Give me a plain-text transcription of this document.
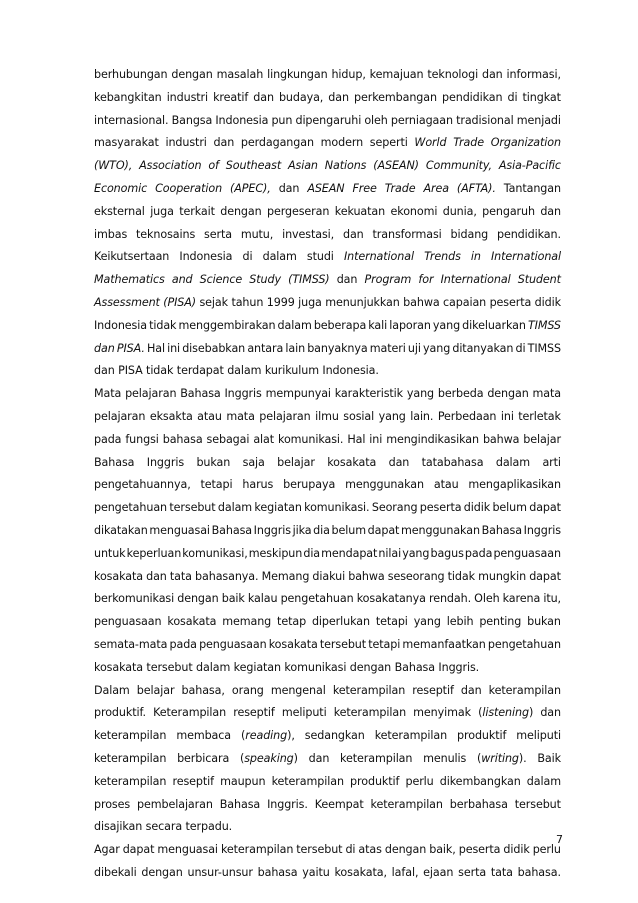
berhubungan dengan masalah lingkungan hidup, kemajuan teknologi dan informasi,
kebangkitan industri kreatif dan budaya, dan perkembangan pendidikan di tingkat
internasional. Bangsa Indonesia pun dipengaruhi oleh perniagaan tradisional menjadi
masyarakat industri dan perdagangan modern seperti World Trade Organization
(WTO), Association of Southeast Asian Nations (ASEAN) Community, Asia-Pacific
Economic Cooperation (APEC), dan ASEAN Free Trade Area (AFTA). Tantangan
eksternal juga terkait dengan pergeseran kekuatan ekonomi dunia, pengaruh dan
imbas teknosains serta mutu, investasi, dan transformasi bidang pendidikan.
Keikutsertaan Indonesia di dalam studi International Trends in International
Mathematics and Science Study (TIMSS) dan Program for International Student
Assessment (PISA) sejak tahun 1999 juga menunjukkan bahwa capaian peserta didik
Indonesia tidak menggembirakan dalam beberapa kali laporan yang dikeluarkan TIMSS
dan PISA. Hal ini disebabkan antara lain banyaknya materi uji yang ditanyakan di TIMSS
dan PISA tidak terdapat dalam kurikulum Indonesia.
Mata pelajaran Bahasa Inggris mempunyai karakteristik yang berbeda dengan mata
pelajaran eksakta atau mata pelajaran ilmu sosial yang lain. Perbedaan ini terletak
pada fungsi bahasa sebagai alat komunikasi. Hal ini mengindikasikan bahwa belajar
Bahasa Inggris bukan saja belajar kosakata dan tatabahasa dalam arti
pengetahuannya, tetapi harus berupaya menggunakan atau mengaplikasikan
pengetahuan tersebut dalam kegiatan komunikasi. Seorang peserta didik belum dapat
dikatakan menguasai Bahasa Inggris jika dia belum dapat menggunakan Bahasa Inggris
untuk keperluan komunikasi, meskipun dia mendapat nilai yang bagus pada penguasaan
kosakata dan tata bahasanya. Memang diakui bahwa seseorang tidak mungkin dapat
berkomunikasi dengan baik kalau pengetahuan kosakatanya rendah. Oleh karena itu,
penguasaan kosakata memang tetap diperlukan tetapi yang lebih penting bukan
semata-mata pada penguasaan kosakata tersebut tetapi memanfaatkan pengetahuan
kosakata tersebut dalam kegiatan komunikasi dengan Bahasa Inggris.
Dalam belajar bahasa, orang mengenal keterampilan reseptif dan keterampilan
produktif. Keterampilan reseptif meliputi keterampilan menyimak (listening) dan
keterampilan membaca (reading), sedangkan keterampilan produktif meliputi
keterampilan berbicara (speaking) dan keterampilan menulis (writing). Baik
keterampilan reseptif maupun keterampilan produktif perlu dikembangkan dalam
proses pembelajaran Bahasa Inggris. Keempat keterampilan berbahasa tersebut
disajikan secara terpadu.
Agar dapat menguasai keterampilan tersebut di atas dengan baik, peserta didik perlu
dibekali dengan unsur-unsur bahasa yaitu kosakata, lafal, ejaan serta tata bahasa.
7
